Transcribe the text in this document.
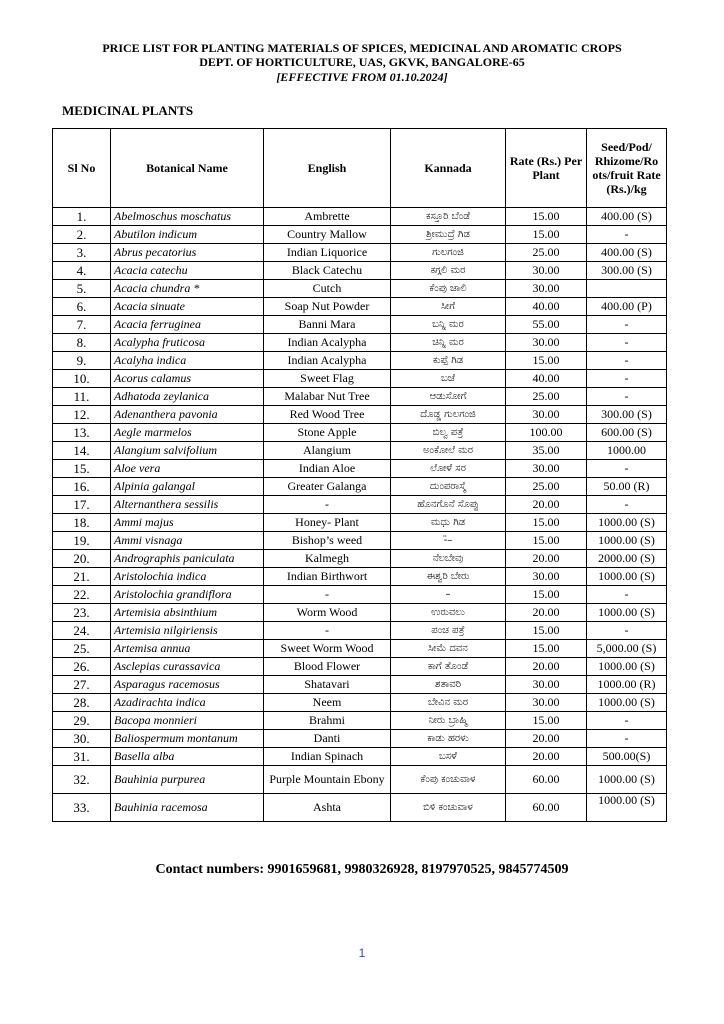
PRICE LIST FOR PLANTING MATERIALS OF SPICES, MEDICINAL AND AROMATIC CROPS
DEPT. OF HORTICULTURE, UAS, GKVK, BANGALORE-65
[EFFECTIVE FROM 01.10.2024]
MEDICINAL PLANTS
Sl No	Botanical Name	English	Kannada	Rate (Rs.) Per Plant	Seed/Pod/ Rhizome/Ro ots/fruit Rate (Rs.)/kg
1.	Abelmoschus moschatus	Ambrette	ಕಸ್ತೂರಿ ಬೆಂಡೆ	15.00	400.00 (S)
2.	Abutilon indicum	Country Mallow	ಶ್ರೀಮುದ್ರೆ ಗಿಡ	15.00	-
3.	Abrus pecatorius	Indian Liquorice	ಗುಲಗಂಜಿ	25.00	400.00 (S)
4.	Acacia catechu	Black Catechu	ಕಗ್ಗಲಿ ಮರ	30.00	300.00 (S)
5.	Acacia chundra *	Cutch	ಕೆಂಪು ಜಾಲಿ	30.00	
6.	Acacia sinuate	Soap Nut Powder	ಸೀಗೆ	40.00	400.00 (P)
7.	Acacia ferruginea	Banni Mara	ಬನ್ನಿ ಮರ	55.00	-
8.	Acalypha fruticosa	Indian Acalypha	ಚಿನ್ನಿ ಮರ	30.00	-
9.	Acalyha indica	Indian Acalypha	ಕುಪ್ಪೆ ಗಿಡ	15.00	-
10.	Acorus calamus	Sweet Flag	ಬಜೆ	40.00	-
11.	Adhatoda zeylanica	Malabar Nut Tree	ಆಡುಸೋಗೆ	25.00	-
12.	Adenanthera pavonia	Red Wood Tree	ದೊಡ್ಡ ಗುಲಗಂಜಿ	30.00	300.00 (S)
13.	Aegle marmelos	Stone Apple	ಬಿಲ್ವ ಪತ್ರೆ	100.00	600.00 (S)
14.	Alangium salvifolium	Alangium	ಅಂಕೋಲೆ ಮರ	35.00	1000.00
15.	Aloe vera	Indian Aloe	ಲೋಳೆ ಸರ	30.00	-
16.	Alpinia galangal	Greater Galanga	ದುಂಪರಾಸ್ಮೆ	25.00	50.00 (R)
17.	Alternanthera sessilis	-	ಹೊನಗೊನೆ ಸೊಪ್ಪು	20.00	-
18.	Ammi majus	Honey- Plant	ಮಧು ಗಿಡ	15.00	1000.00 (S)
19.	Ammi visnaga	Bishop’s weed	-̈–	15.00	1000.00 (S)
20.	Andrographis paniculata	Kalmegh	ನೆಲಬೇವು	20.00	2000.00 (S)
21.	Aristolochia indica	Indian Birthwort	ಈಶ್ವರಿ ಬೇರು	30.00	1000.00 (S)
22.	Aristolochia grandiflora	-	–	15.00	-
23.	Artemisia absinthium	Worm Wood	ಉರುವಲು	20.00	1000.00 (S)
24.	Artemisia nilgiriensis	-	ಪಂಚ ಪತ್ರೆ	15.00	-
25.	Artemisa annua	Sweet Worm Wood	ಸೀಮೆ ದವನ	15.00	5,000.00 (S)
26.	Asclepias curassavica	Blood Flower	ಕಾಗೆ ತೊಂಡೆ	20.00	1000.00 (S)
27.	Asparagus racemosus	Shatavari	ಶತಾವರಿ	30.00	1000.00 (R)
28.	Azadirachta indica	Neem	ಬೇವಿನ ಮರ	30.00	1000.00 (S)
29.	Bacopa monnieri	Brahmi	ನೀರು ಬ್ರಾಹ್ಮಿ	15.00	-
30.	Baliospermum montanum	Danti	ಕಾಡು ಹರಳು	20.00	-
31.	Basella alba	Indian Spinach	ಬಸಳೆ	20.00	500.00(S)
32.	Bauhinia purpurea	Purple Mountain Ebony	ಕೆಂಪು ಕಂಚುವಾಳ	60.00	1000.00 (S)
33.	Bauhinia racemosa	Ashta	ಬಿಳಿ ಕಂಚುವಾಳ	60.00	1000.00 (S)
Contact numbers: 9901659681, 9980326928, 8197970525, 9845774509
1
